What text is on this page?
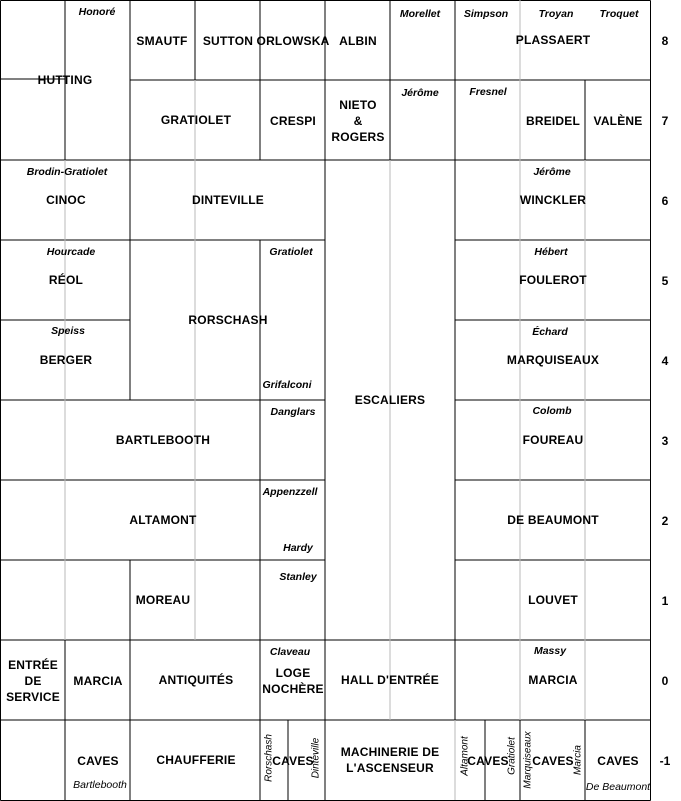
8
7
6
5
4
3
2
1
0
-1
HUTTING
SMAUTF SUTTON ORLOWSKA ALBIN	PLASSAERT
GRATIOLET	CRESPI
NIETO
&
ROGERS
BREIDEL VALÈNE
CINOC	DINTEVILLE	WINCKLER
RÉOL	FOULEROT
RORSCHASH
BERGER	MARQUISEAUX
ESCALIERS
BARTLEBOOTH	FOUREAU
ALTAMONT	DE BEAUMONT
MOREAU	LOUVET
ENTRÉE
DE
SERVICE
MARCIA	ANTIQUITÉS	LOGE
NOCHÈRE
HALL D'ENTRÉE	MARCIA
CAVES	CHAUFFERIE	CAVES
MACHINERIE DE
L'ASCENSEUR	CAVES CAVES CAVES
Honoré	Morellet Simpson	Troyan Troquet
Jérôme	Fresnel
Brodin-Gratiolet	Jérôme
Hourcade	Gratiolet	Hébert
Speiss	Échard
Grifalconi
Danglars	Colomb
Appenzzell
Hardy
Stanley
Claveau	Massy
Bartlebooth	De Beaumont
Rorschash	Dinteville	Altamont	Gratiolet Marquiseaux	Marcia
